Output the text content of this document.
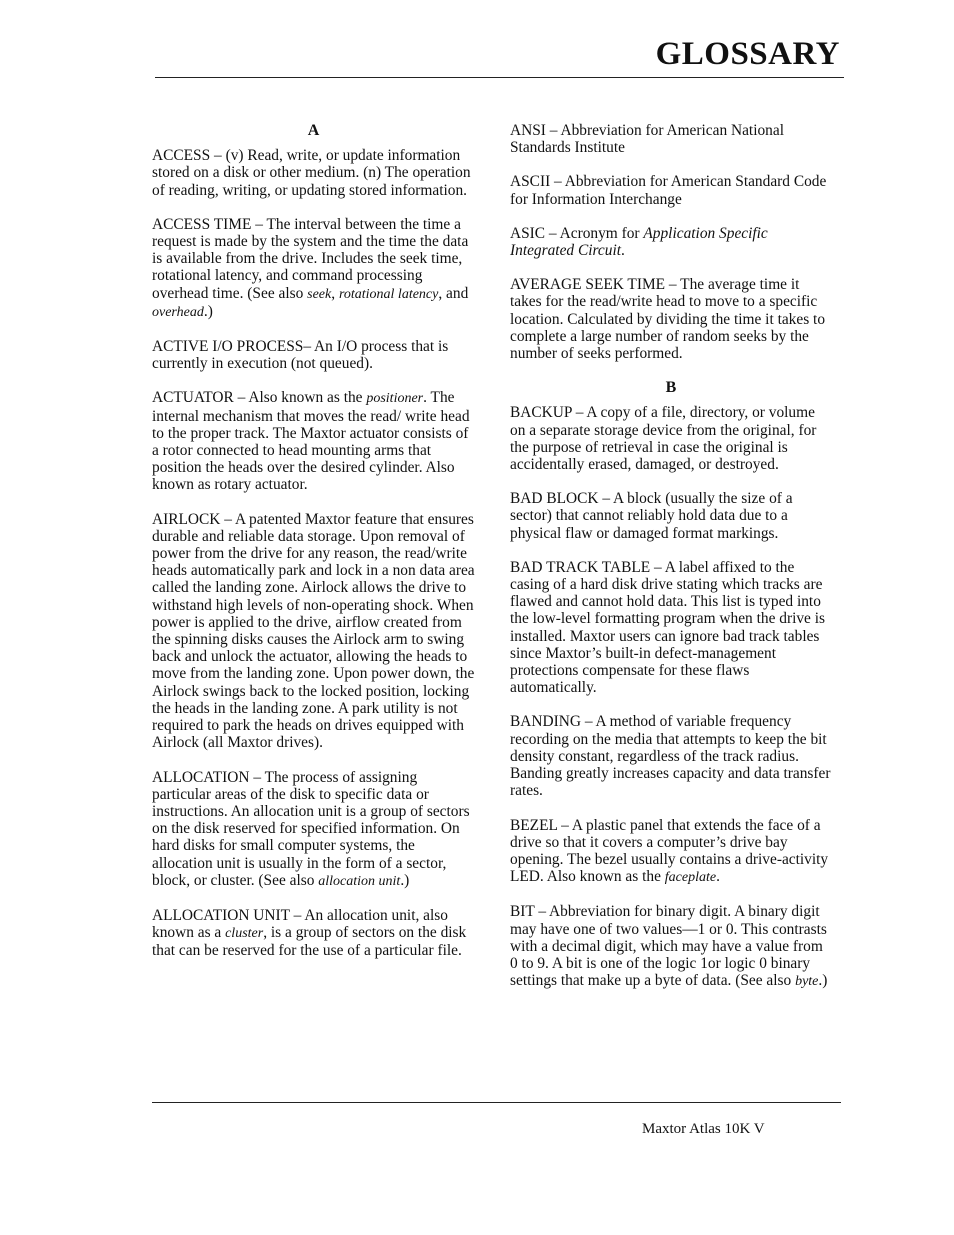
GLOSSARY

A

ACCESS – (v) Read, write, or update information stored on a disk or other medium. (n) The operation of reading, writing, or updating stored information.

ACCESS TIME – The interval between the time a request is made by the system and the time the data is available from the drive. Includes the seek time, rotational latency, and command processing overhead time. (See also seek, rotational latency, and overhead.)

ACTIVE I/O PROCESS– An I/O process that is currently in execution (not queued).

ACTUATOR – Also known as the positioner. The internal mechanism that moves the read/ write head to the proper track. The Maxtor actuator consists of a rotor connected to head mounting arms that position the heads over the desired cylinder. Also known as rotary actuator.

AIRLOCK – A patented Maxtor feature that ensures durable and reliable data storage. Upon removal of power from the drive for any reason, the read/write heads automatically park and lock in a non data area called the landing zone. Airlock allows the drive to withstand high levels of non-operating shock. When power is applied to the drive, airflow created from the spinning disks causes the Airlock arm to swing back and unlock the actuator, allowing the heads to move from the landing zone. Upon power down, the Airlock swings back to the locked position, locking the heads in the landing zone. A park utility is not required to park the heads on drives equipped with Airlock (all Maxtor drives).

ALLOCATION – The process of assigning particular areas of the disk to specific data or instructions. An allocation unit is a group of sectors on the disk reserved for specified information. On hard disks for small computer systems, the allocation unit is usually in the form of a sector, block, or cluster. (See also allocation unit.)

ALLOCATION UNIT – An allocation unit, also known as a cluster, is a group of sectors on the disk that can be reserved for the use of a particular file.

ANSI – Abbreviation for American National Standards Institute

ASCII – Abbreviation for American Standard Code for Information Interchange

ASIC – Acronym for Application Specific Integrated Circuit.

AVERAGE SEEK TIME – The average time it takes for the read/write head to move to a specific location. Calculated by dividing the time it takes to complete a large number of random seeks by the number of seeks performed.

B

BACKUP – A copy of a file, directory, or volume on a separate storage device from the original, for the purpose of retrieval in case the original is accidentally erased, damaged, or destroyed.

BAD BLOCK – A block (usually the size of a sector) that cannot reliably hold data due to a physical flaw or damaged format markings.

BAD TRACK TABLE – A label affixed to the casing of a hard disk drive stating which tracks are flawed and cannot hold data. This list is typed into the low-level formatting program when the drive is installed. Maxtor users can ignore bad track tables since Maxtor’s built-in defect-management protections compensate for these flaws automatically.

BANDING – A method of variable frequency recording on the media that attempts to keep the bit density constant, regardless of the track radius. Banding greatly increases capacity and data transfer rates.

BEZEL – A plastic panel that extends the face of a drive so that it covers a computer’s drive bay opening. The bezel usually contains a drive-activity LED. Also known as the faceplate.

BIT – Abbreviation for binary digit. A binary digit may have one of two values—1 or 0. This contrasts with a decimal digit, which may have a value from 0 to 9. A bit is one of the logic 1or logic 0 binary settings that make up a byte of data. (See also byte.)

Maxtor Atlas 10K V
